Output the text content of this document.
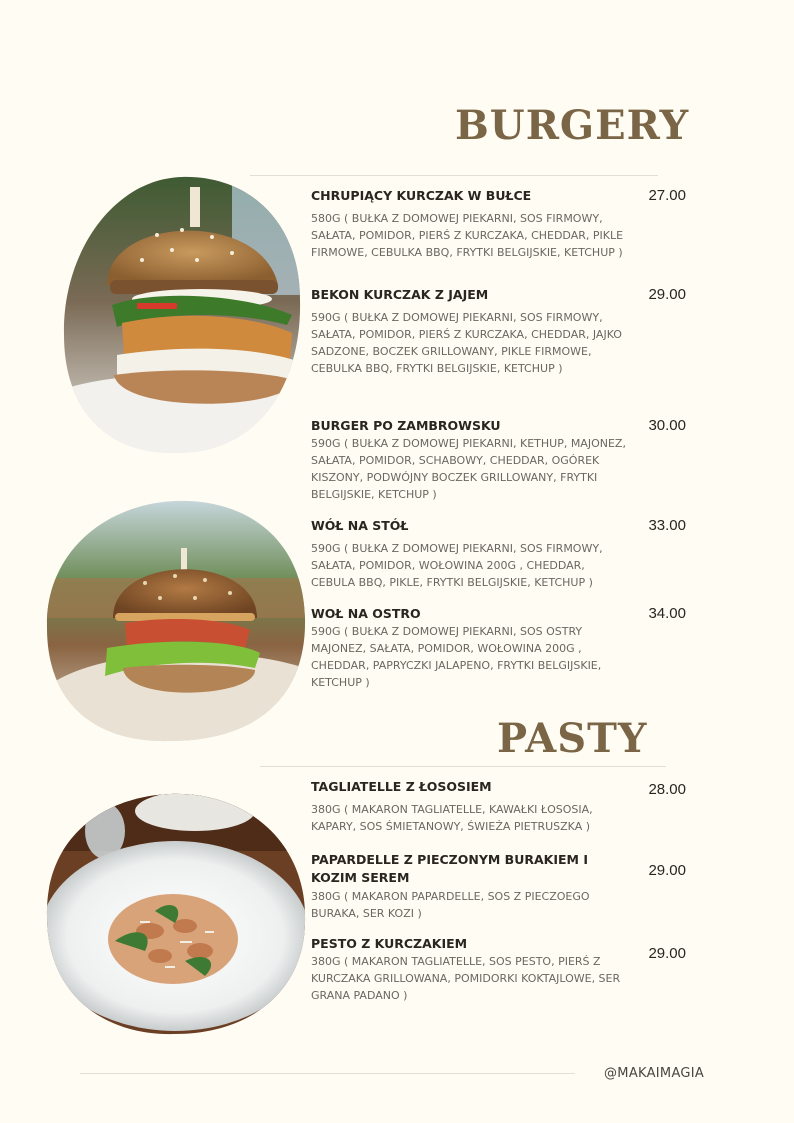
BURGERY
CHRUPIĄCY KURCZAK W BUŁCE
580G ( BUŁKA Z DOMOWEJ PIEKARNI, SOS FIRMOWY, SAŁATA, POMIDOR, PIERŚ Z KURCZAKA, CHEDDAR, PIKLE FIRMOWE, CEBULKA BBQ, FRYTKI BELGIJSKIE, KETCHUP )
27.00
BEKON KURCZAK Z JAJEM
590G ( BUŁKA Z DOMOWEJ PIEKARNI, SOS FIRMOWY, SAŁATA, POMIDOR, PIERŚ Z KURCZAKA, CHEDDAR, JAJKO SADZONE, BOCZEK GRILLOWANY, PIKLE FIRMOWE, CEBULKA BBQ, FRYTKI BELGIJSKIE, KETCHUP )
29.00
BURGER PO ZAMBROWSKU
590G ( BUŁKA Z DOMOWEJ PIEKARNI, KETHUP, MAJONEZ, SAŁATA, POMIDOR, SCHABOWY, CHEDDAR, OGÓREK KISZONY, PODWÓJNY BOCZEK GRILLOWANY, FRYTKI BELGIJSKIE, KETCHUP )
30.00
WÓŁ NA STÓŁ
590G ( BUŁKA Z DOMOWEJ PIEKARNI, SOS FIRMOWY, SAŁATA, POMIDOR, WOŁOWINA 200G , CHEDDAR, CEBULA BBQ, PIKLE, FRYTKI BELGIJSKIE, KETCHUP )
33.00
WOŁ NA OSTRO
590G ( BUŁKA Z DOMOWEJ PIEKARNI, SOS OSTRY MAJONEZ, SAŁATA, POMIDOR, WOŁOWINA 200G , CHEDDAR, PAPRYCZKI JALAPENO, FRYTKI BELGIJSKIE, KETCHUP )
34.00
PASTY
TAGLIATELLE Z ŁOSOSIEM
380G ( MAKARON TAGLIATELLE, KAWAŁKI ŁOSOSIA, KAPARY, SOS ŚMIETANOWY, ŚWIEŻA PIETRUSZKA )
28.00
PAPARDELLE Z PIECZONYM BURAKIEM I KOZIM SEREM
380G ( MAKARON PAPARDELLE, SOS Z PIECZOEGO BURAKA, SER KOZI )
29.00
PESTO Z KURCZAKIEM
380G ( MAKARON TAGLIATELLE, SOS PESTO, PIERŚ Z KURCZAKA GRILLOWANA, POMIDORKI KOKTAJLOWE, SER GRANA PADANO )
29.00
@MAKAIMAGIA
